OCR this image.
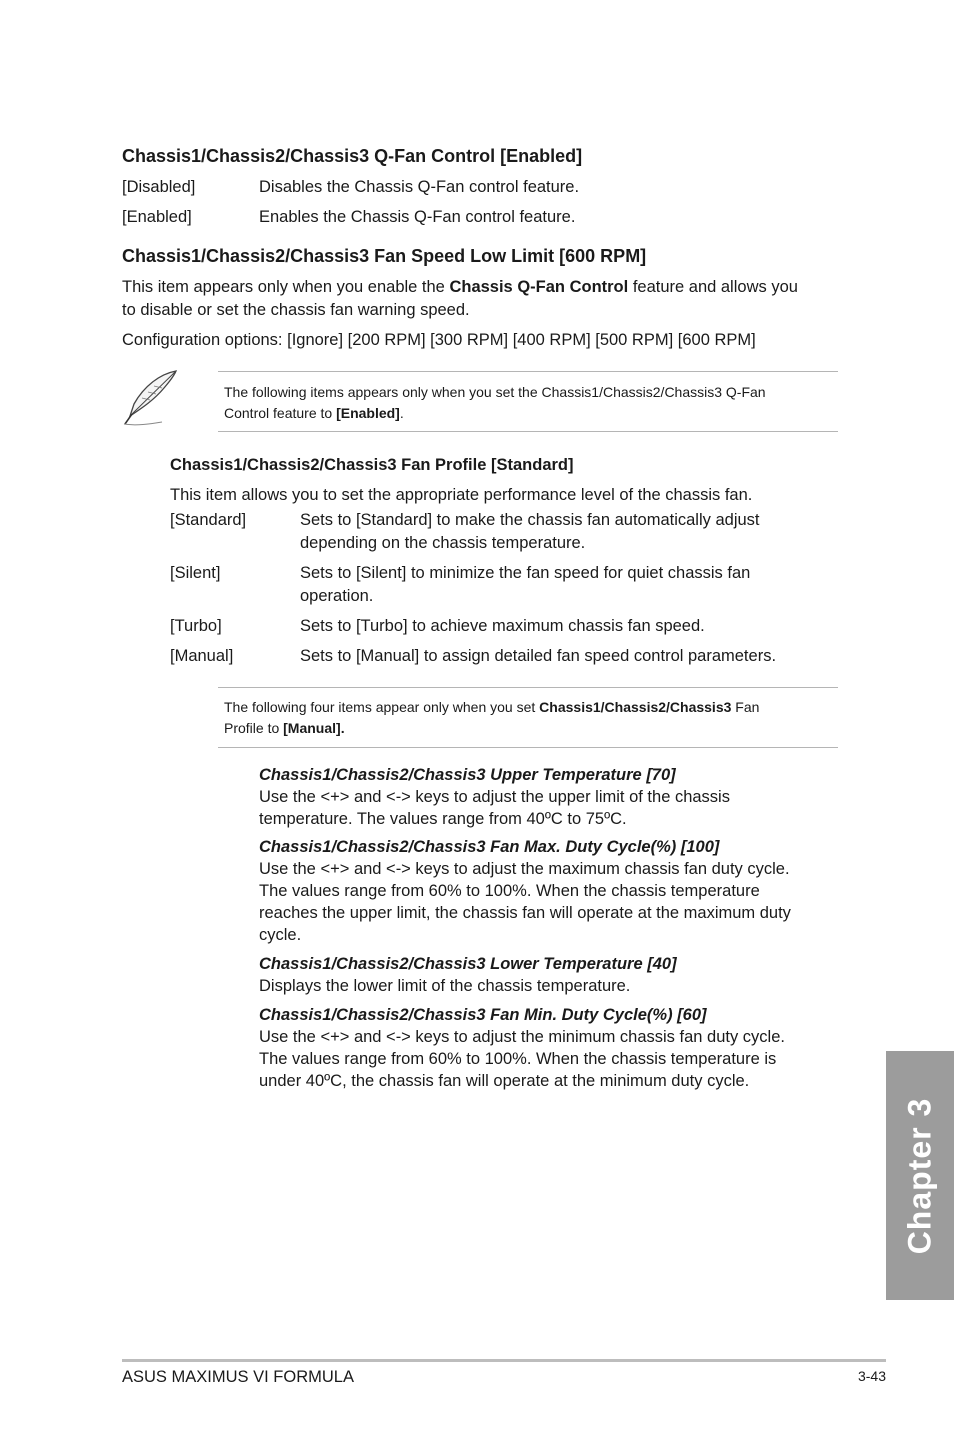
Chassis1/Chassis2/Chassis3 Q-Fan Control [Enabled]
[Disabled]	Disables the Chassis Q-Fan control feature.
[Enabled]	Enables the Chassis Q-Fan control feature.
Chassis1/Chassis2/Chassis3 Fan Speed Low Limit [600 RPM]
This item appears only when you enable the Chassis Q-Fan Control feature and allows you
to disable or set the chassis fan warning speed.
Configuration options: [Ignore] [200 RPM] [300 RPM] [400 RPM] [500 RPM] [600 RPM]
The following items appears only when you set the Chassis1/Chassis2/Chassis3 Q-Fan
Control feature to [Enabled].
Chassis1/Chassis2/Chassis3 Fan Profile [Standard]
This item allows you to set the appropriate performance level of the chassis fan.
[Standard]	Sets to [Standard] to make the chassis fan automatically adjust
depending on the chassis temperature.
[Silent]	Sets to [Silent] to minimize the fan speed for quiet chassis fan
operation.
[Turbo]	Sets to [Turbo] to achieve maximum chassis fan speed.
[Manual]	Sets to [Manual] to assign detailed fan speed control parameters.
The following four items appear only when you set Chassis1/Chassis2/Chassis3 Fan
Profile to [Manual].
Chassis1/Chassis2/Chassis3 Upper Temperature [70]
Use the <+> and <-> keys to adjust the upper limit of the chassis
temperature. The values range from 40ºC to 75ºC.
Chassis1/Chassis2/Chassis3 Fan Max. Duty Cycle(%) [100]
Use the <+> and <-> keys to adjust the maximum chassis fan duty cycle.
The values range from 60% to 100%. When the chassis temperature
reaches the upper limit, the chassis fan will operate at the maximum duty
cycle.
Chassis1/Chassis2/Chassis3 Lower Temperature [40]
Displays the lower limit of the chassis temperature.
Chassis1/Chassis2/Chassis3 Fan Min. Duty Cycle(%) [60]
Use the <+> and <-> keys to adjust the minimum chassis fan duty cycle.
The values range from 60% to 100%. When the chassis temperature is
under 40ºC, the chassis fan will operate at the minimum duty cycle.
Chapter 3
ASUS MAXIMUS VI FORMULA	3-43
